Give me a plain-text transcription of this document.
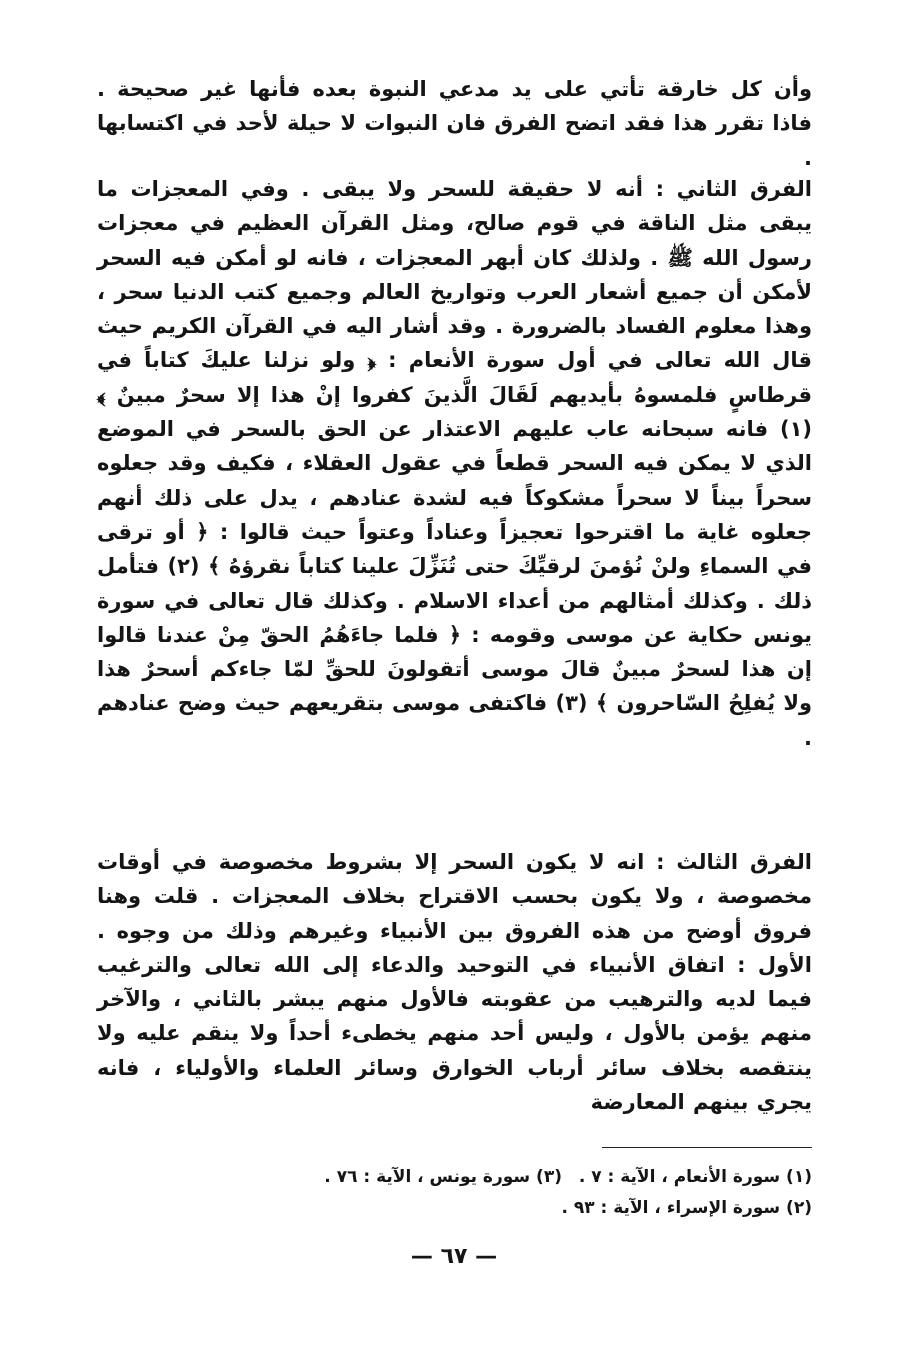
وأن كل خارقة تأتي على يد مدعي النبوة بعده فأنها غير صحيحة . فاذا تقرر هذا فقد اتضح الفرق فان النبوات لا حيلة لأحد في اكتسابها .

الفرق الثاني : أنه لا حقيقة للسحر ولا يبقى . وفي المعجزات ما يبقى مثل الناقة في قوم صالح، ومثل القرآن العظيم في معجزات رسول الله ﷺ . ولذلك كان أبهر المعجزات ، فانه لو أمكن فيه السحر لأمكن أن جميع أشعار العرب وتواريخ العالم وجميع كتب الدنيا سحر ، وهذا معلوم الفساد بالضرورة . وقد أشار اليه في القرآن الكريم حيث قال الله تعالى في أول سورة الأنعام : ﴿ ولو نزلنا عليكَ كتاباً في قرطاسٍ فلمسوهُ بأيديهم لَقَالَ الَّذينَ كفروا إنْ هذا إلا سحرٌ مبينٌ ﴾ (١) فانه سبحانه عاب عليهم الاعتذار عن الحق بالسحر في الموضع الذي لا يمكن فيه السحر قطعاً في عقول العقلاء ، فكيف وقد جعلوه سحراً بيناً لا سحراً مشكوكاً فيه لشدة عنادهم ، يدل على ذلك أنهم جعلوه غاية ما اقترحوا تعجيزاً وعناداً وعتواً حيث قالوا : ﴿ أو ترقى في السماءِ ولنْ نُؤمنَ لرقيِّكَ حتى تُنَزِّلَ علينا كتاباً نقرؤهُ ﴾ (٢) فتأمل ذلك . وكذلك أمثالهم من أعداء الاسلام . وكذلك قال تعالى في سورة يونس حكاية عن موسى وقومه : ﴿ فلما جاءَهُمُ الحقّ مِنْ عندنا قالوا إن هذا لسحرٌ مبينٌ قالَ موسى أتقولونَ للحقِّ لمّا جاءكم أسحرٌ هذا ولا يُفلِحُ السّاحرون ﴾ (٣) فاكتفى موسى بتقريعهم حيث وضح عنادهم .

الفرق الثالث : انه لا يكون السحر إلا بشروط مخصوصة في أوقات مخصوصة ، ولا يكون بحسب الاقتراح بخلاف المعجزات . قلت وهنا فروق أوضح من هذه الفروق بين الأنبياء وغيرهم وذلك من وجوه . الأول : اتفاق الأنبياء في التوحيد والدعاء إلى الله تعالى والترغيب فيما لديه والترهيب من عقوبته فالأول منهم يبشر بالثاني ، والآخر منهم يؤمن بالأول ، وليس أحد منهم يخطىء أحداً ولا ينقم عليه ولا ينتقصه بخلاف سائر أرباب الخوارق وسائر العلماء والأولياء ، فانه يجري بينهم المعارضة

(١) سورة الأنعام ، الآية : ٧ .
(٣) سورة يونس ، الآية : ٧٦ .
(٢) سورة الإسراء ، الآية : ٩٣ .
— ٦٧ —
